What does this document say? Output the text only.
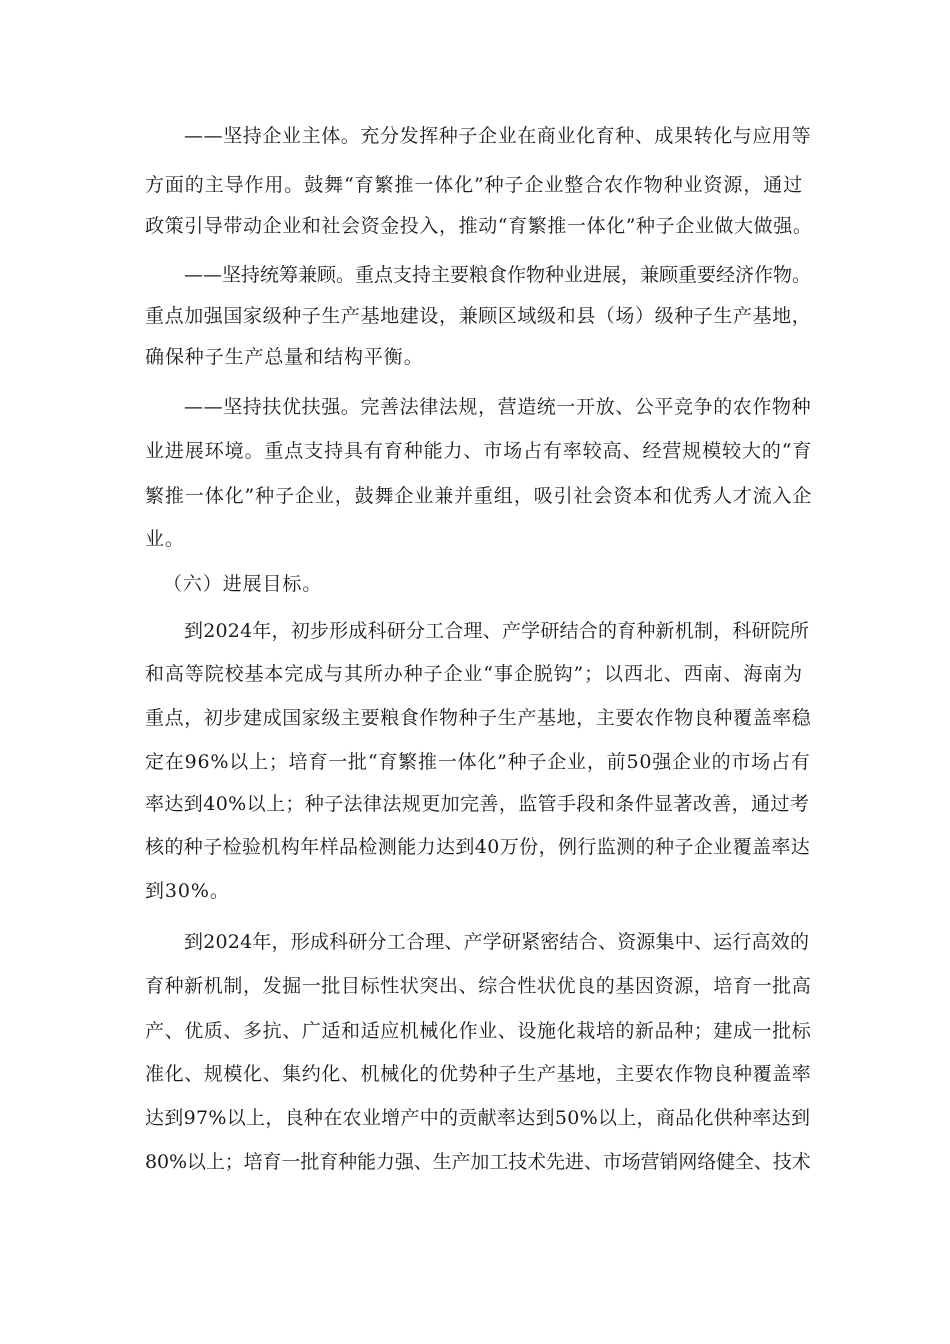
——坚持企业主体。充分发挥种子企业在商业化育种、成果转化与应用等
方面的主导作用。鼓舞“育繁推一体化”种子企业整合农作物种业资源，通过
政策引导带动企业和社会资金投入，推动“育繁推一体化”种子企业做大做强。
——坚持统筹兼顾。重点支持主要粮食作物种业进展，兼顾重要经济作物。
重点加强国家级种子生产基地建设，兼顾区域级和县（场）级种子生产基地，
确保种子生产总量和结构平衡。
——坚持扶优扶强。完善法律法规，营造统一开放、公平竞争的农作物种
业进展环境。重点支持具有育种能力、市场占有率较高、经营规模较大的“育
繁推一体化”种子企业，鼓舞企业兼并重组，吸引社会资本和优秀人才流入企
业。
（六）进展目标。
到2024年，初步形成科研分工合理、产学研结合的育种新机制，科研院所
和高等院校基本完成与其所办种子企业“事企脱钩”；以西北、西南、海南为
重点，初步建成国家级主要粮食作物种子生产基地，主要农作物良种覆盖率稳
定在96%以上；培育一批“育繁推一体化”种子企业，前50强企业的市场占有
率达到40%以上；种子法律法规更加完善，监管手段和条件显著改善，通过考
核的种子检验机构年样品检测能力达到40万份，例行监测的种子企业覆盖率达
到30%。
到2024年，形成科研分工合理、产学研紧密结合、资源集中、运行高效的
育种新机制，发掘一批目标性状突出、综合性状优良的基因资源，培育一批高
产、优质、多抗、广适和适应机械化作业、设施化栽培的新品种；建成一批标
准化、规模化、集约化、机械化的优势种子生产基地，主要农作物良种覆盖率
达到97%以上，良种在农业增产中的贡献率达到50%以上，商品化供种率达到
80%以上；培育一批育种能力强、生产加工技术先进、市场营销网络健全、技术
